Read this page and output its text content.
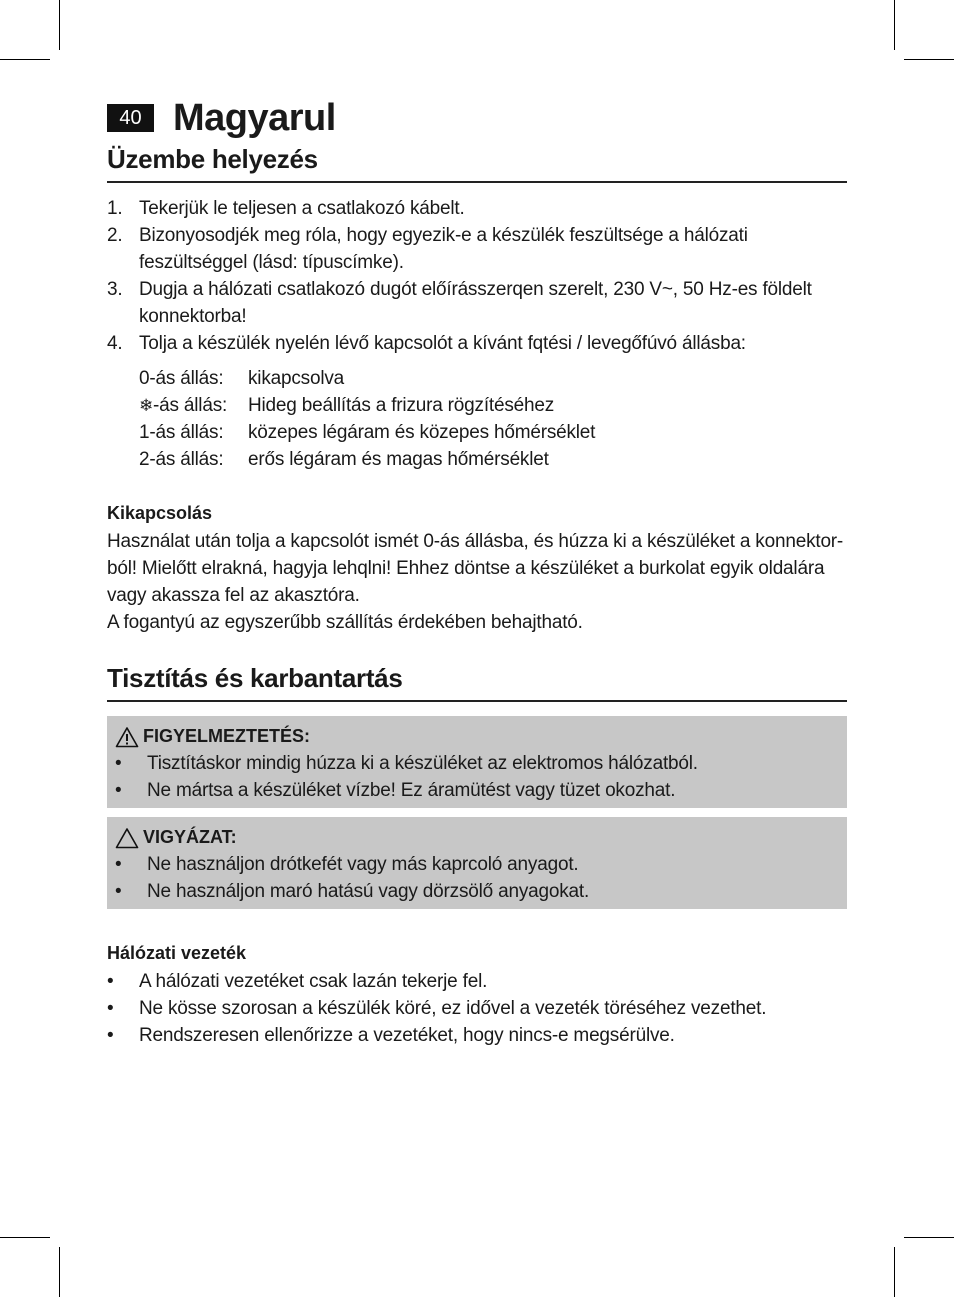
40 Magyarul
Üzembe helyezés
1. Tekerjük le teljesen a csatlakozó kábelt.
2. Bizonyosodjék meg róla, hogy egyezik-e a készülék feszültsége a hálózati feszültséggel (lásd: típuscímke).
3. Dugja a hálózati csatlakozó dugót előírásszerqen szerelt, 230 V~, 50 Hz-es földelt konnektorba!
4. Tolja a készülék nyelén lévő kapcsolót a kívánt fqtési / levegőfúvó állásba:
0-ás állás:	kikapcsolva
❄-ás állás:	Hideg beállítás a frizura rögzítéséhez
1-ás állás:	közepes légáram és közepes hőmérséklet
2-ás állás:	erős légáram és magas hőmérséklet
Kikapcsolás
Használat után tolja a kapcsolót ismét 0-ás állásba, és húzza ki a készüléket a konnektor-
ból! Mielőtt elrakná, hagyja lehqlni! Ehhez döntse a készüléket a burkolat egyik oldalára
vagy akassza fel az akasztóra.
A fogantyú az egyszerűbb szállítás érdekében behajtható.
Tisztítás és karbantartás
FIGYELMEZTETÉS:
•	Tisztításkor mindig húzza ki a készüléket az elektromos hálózatból.
•	Ne mártsa a készüléket vízbe! Ez áramütést vagy tüzet okozhat.
VIGYÁZAT:
•	Ne használjon drótkefét vagy más kaprcoló anyagot.
•	Ne használjon maró hatású vagy dörzsölő anyagokat.
Hálózati vezeték
•	A hálózati vezetéket csak lazán tekerje fel.
•	Ne kösse szorosan a készülék köré, ez idővel a vezeték töréséhez vezethet.
•	Rendszeresen ellenőrizze a vezetéket, hogy nincs-e megsérülve.
